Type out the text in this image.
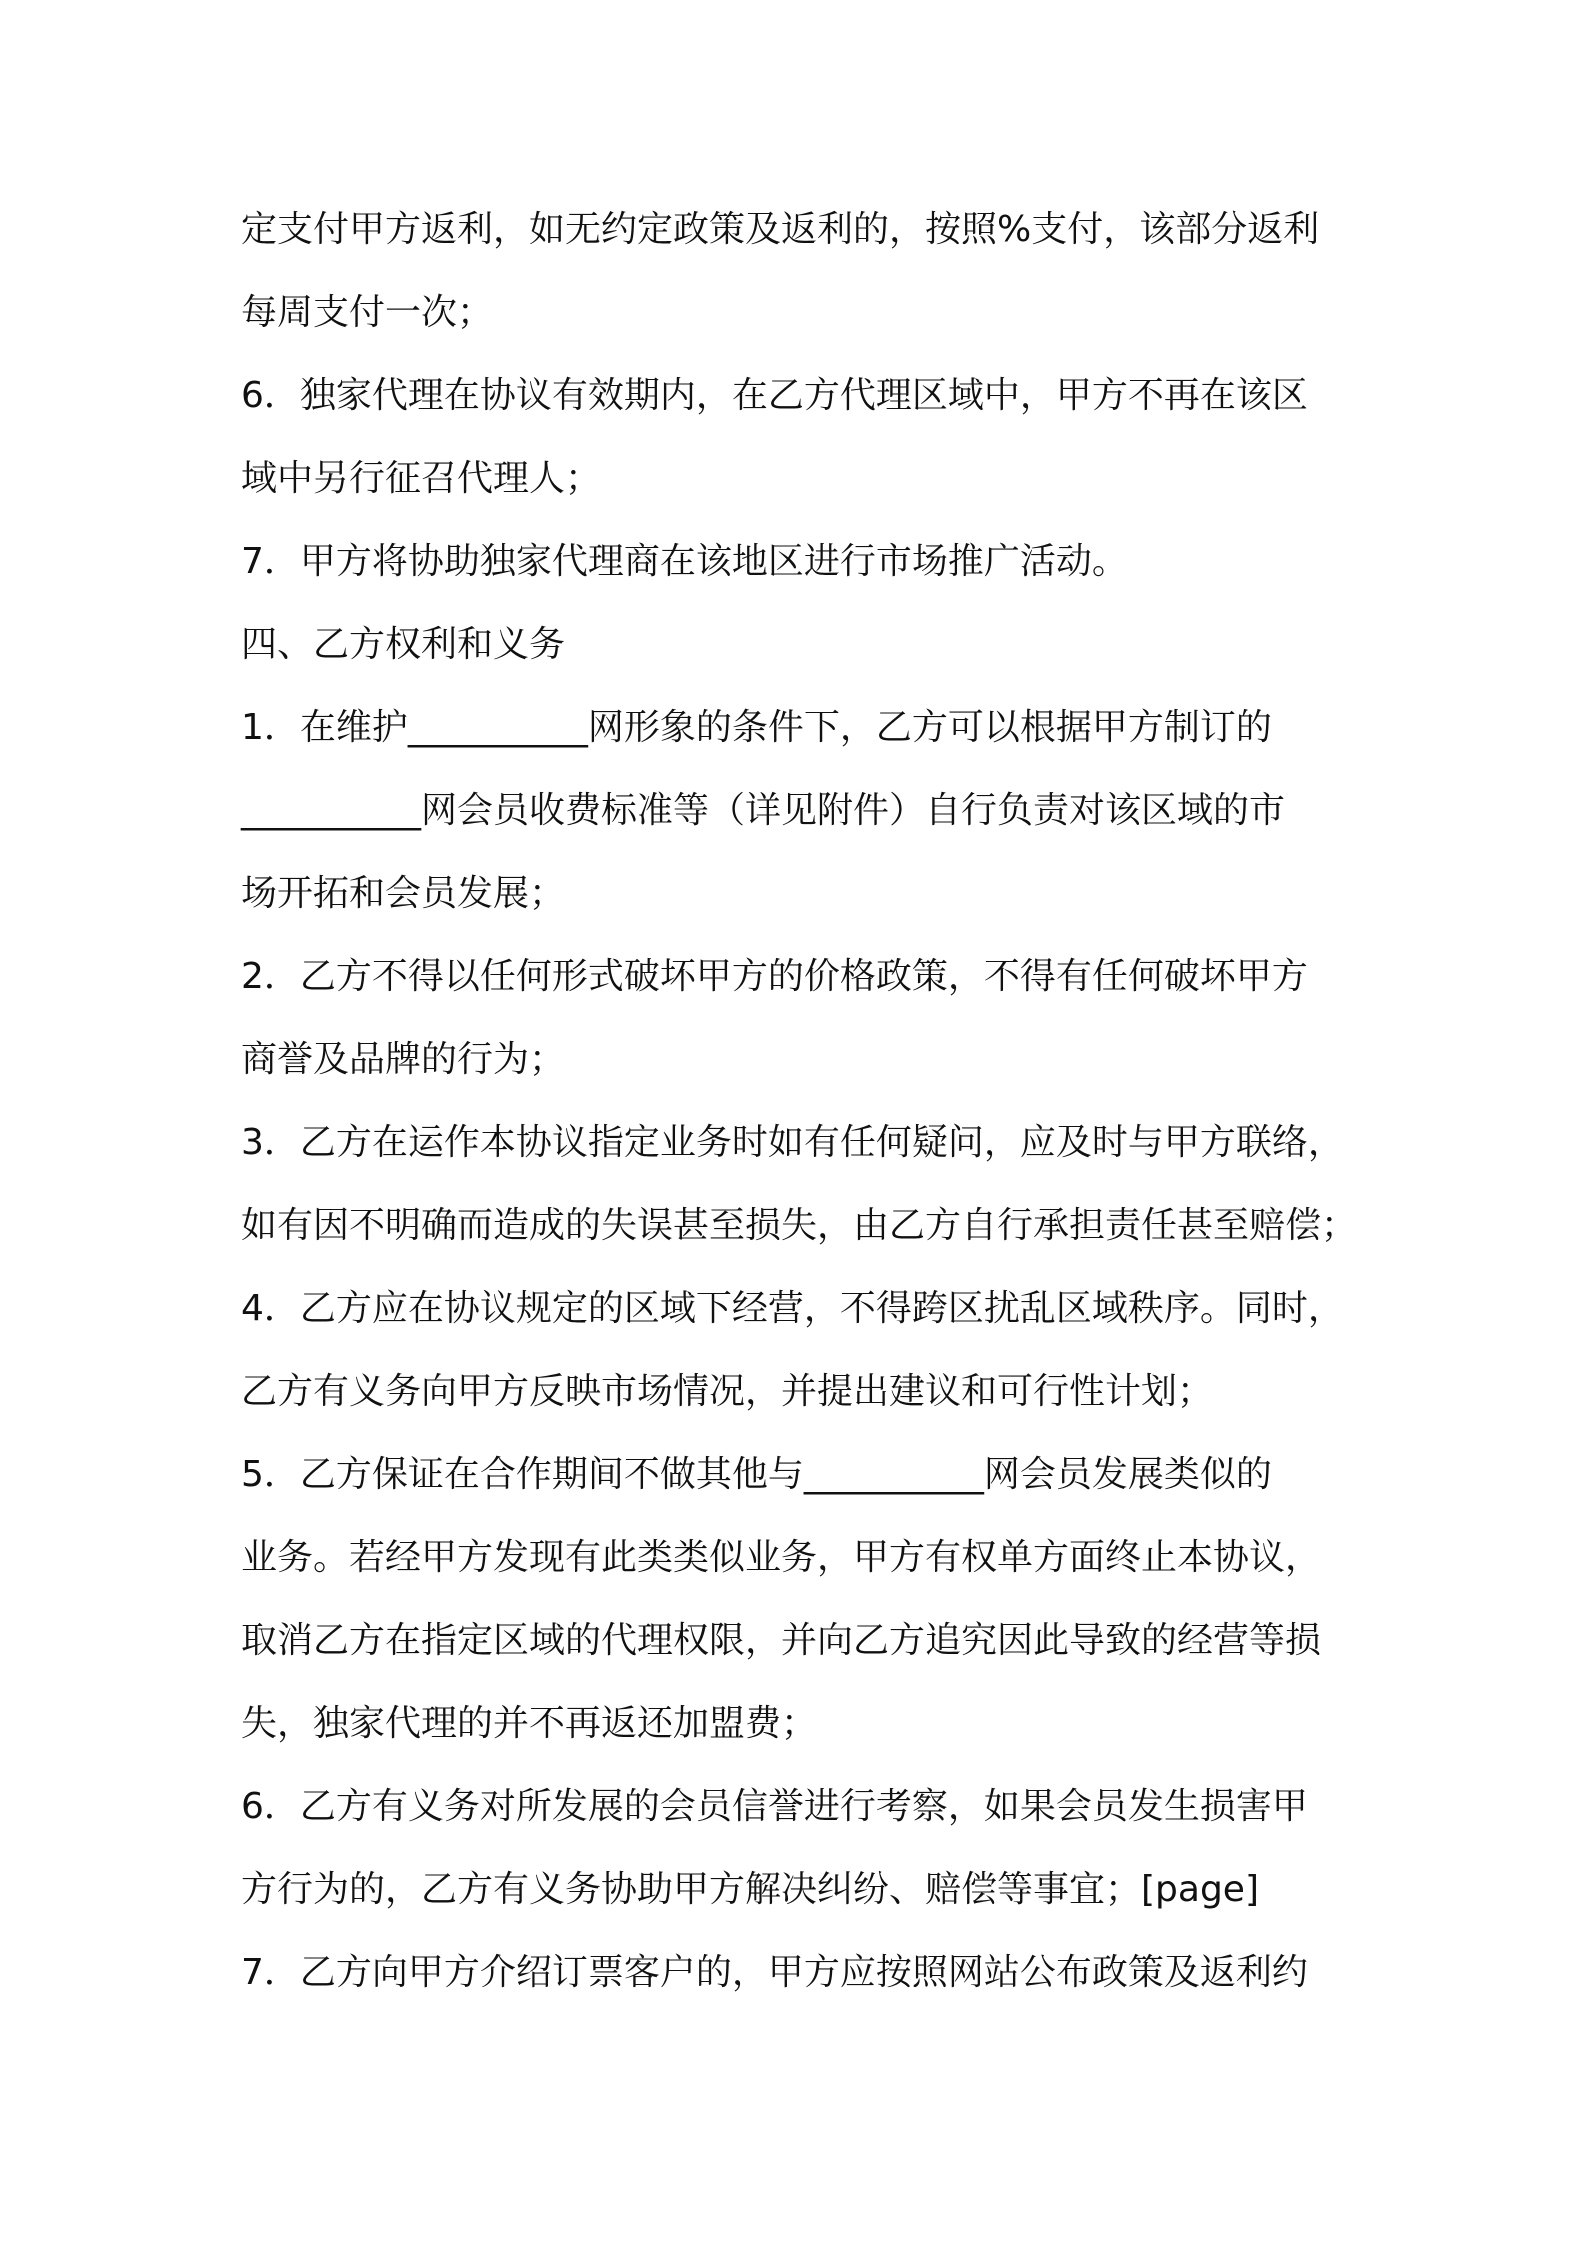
定支付甲方返利，如无约定政策及返利的，按照%支付，该部分返利
每周支付一次；
6．独家代理在协议有效期内，在乙方代理区域中，甲方不再在该区
域中另行征召代理人；
7．甲方将协助独家代理商在该地区进行市场推广活动。
四、乙方权利和义务
1．在维护__________网形象的条件下，乙方可以根据甲方制订的
__________网会员收费标准等（详见附件）自行负责对该区域的市
场开拓和会员发展；
2．乙方不得以任何形式破坏甲方的价格政策，不得有任何破坏甲方
商誉及品牌的行为；
3．乙方在运作本协议指定业务时如有任何疑问，应及时与甲方联络，
如有因不明确而造成的失误甚至损失，由乙方自行承担责任甚至赔偿；
4．乙方应在协议规定的区域下经营，不得跨区扰乱区域秩序。同时，
乙方有义务向甲方反映市场情况，并提出建议和可行性计划；
5．乙方保证在合作期间不做其他与__________网会员发展类似的
业务。若经甲方发现有此类类似业务，甲方有权单方面终止本协议，
取消乙方在指定区域的代理权限，并向乙方追究因此导致的经营等损
失，独家代理的并不再返还加盟费；
6．乙方有义务对所发展的会员信誉进行考察，如果会员发生损害甲
方行为的，乙方有义务协助甲方解决纠纷、赔偿等事宜；[page]
7．乙方向甲方介绍订票客户的，甲方应按照网站公布政策及返利约
